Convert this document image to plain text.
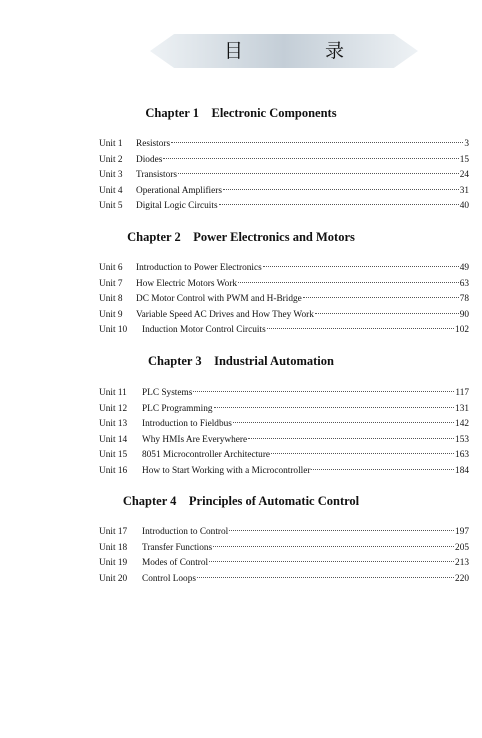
目 录
Chapter 1    Electronic Components
Unit 1 Resistors	3
Unit 2 Diodes	15
Unit 3 Transistors	24
Unit 4 Operational Amplifiers	31
Unit 5 Digital Logic Circuits	40
Chapter 2    Power Electronics and Motors
Unit 6 Introduction to Power Electronics	49
Unit 7 How Electric Motors Work	63
Unit 8 DC Motor Control with PWM and H-Bridge	78
Unit 9 Variable Speed AC Drives and How They Work	90
Unit 10 Induction Motor Control Circuits	102
Chapter 3    Industrial Automation
Unit 11 PLC Systems	117
Unit 12 PLC Programming	131
Unit 13 Introduction to Fieldbus	142
Unit 14 Why HMIs Are Everywhere	153
Unit 15 8051 Microcontroller Architecture	163
Unit 16 How to Start Working with a Microcontroller	184
Chapter 4    Principles of Automatic Control
Unit 17 Introduction to Control	197
Unit 18 Transfer Functions	205
Unit 19 Modes of Control	213
Unit 20 Control Loops	220
